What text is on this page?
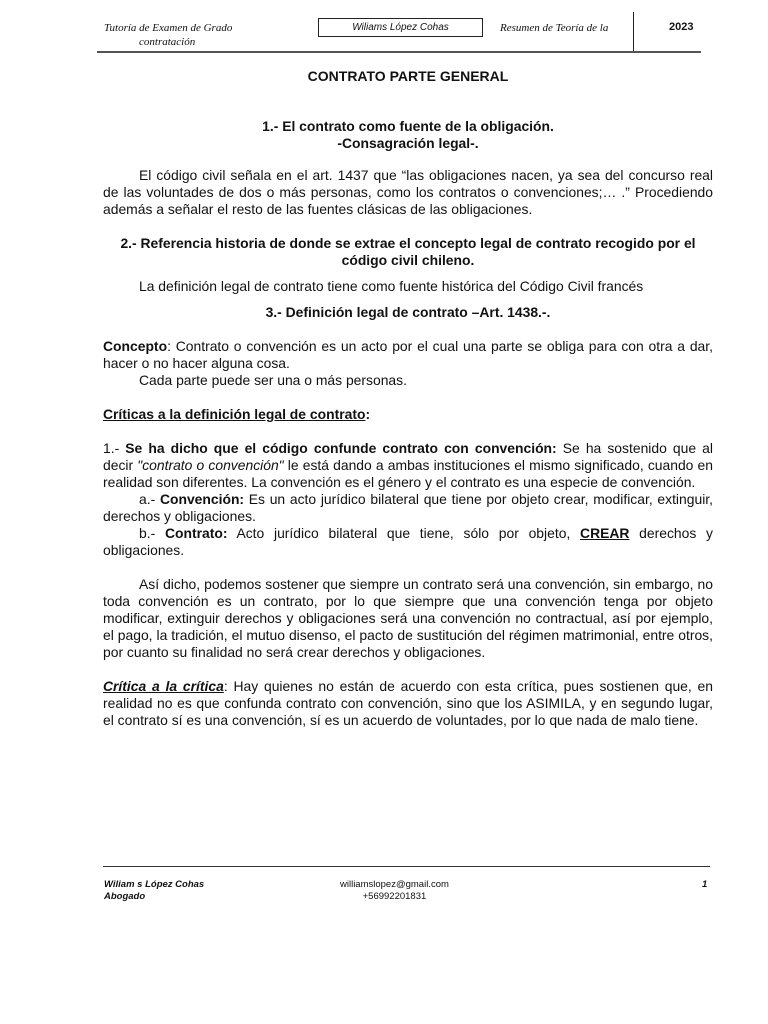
Tutoría de Examen de Grado
contratación
Wiliams López Cohas	Resumen de Teoría de la	2023
CONTRATO PARTE GENERAL
1.- El contrato como fuente de la obligación.
-Consagración legal-.

El código civil señala en el art. 1437 que “las obligaciones nacen, ya sea del concurso real de las voluntades de dos o más personas, como los contratos o convenciones;… .” Procediendo además a señalar el resto de las fuentes clásicas de las obligaciones.

2.- Referencia historia de donde se extrae el concepto legal de contrato recogido por el código civil chileno.

La definición legal de contrato tiene como fuente histórica del Código Civil francés

3.- Definición legal de contrato –Art. 1438.-.

Concepto: Contrato o convención es un acto por el cual una parte se obliga para con otra a dar, hacer o no hacer alguna cosa.

Cada parte puede ser una o más personas.

Críticas a la definición legal de contrato:

1.- Se ha dicho que el código confunde contrato con convención: Se ha sostenido que al decir "contrato o convención" le está dando a ambas instituciones el mismo significado, cuando en realidad son diferentes. La convención es el género y el contrato es una especie de convención.

a.- Convención: Es un acto jurídico bilateral que tiene por objeto crear, modificar, extinguir, derechos y obligaciones.

b.- Contrato: Acto jurídico bilateral que tiene, sólo por objeto, CREAR derechos y obligaciones.

Así dicho, podemos sostener que siempre un contrato será una convención, sin embargo, no toda convención es un contrato, por lo que siempre que una convención tenga por objeto modificar, extinguir derechos y obligaciones será una convención no contractual, así por ejemplo, el pago, la tradición, el mutuo disenso, el pacto de sustitución del régimen matrimonial, entre otros, por cuanto su finalidad no será crear derechos y obligaciones.

Crítica a la crítica: Hay quienes no están de acuerdo con esta crítica, pues sostienen que, en realidad no es que confunda contrato con convención, sino que los ASIMILA, y en segundo lugar, el contrato sí es una convención, sí es un acuerdo de voluntades, por lo que nada de malo tiene.

Wiliam s López Cohas
Abogado
williamslopez@gmail.com
+56992201831
1
